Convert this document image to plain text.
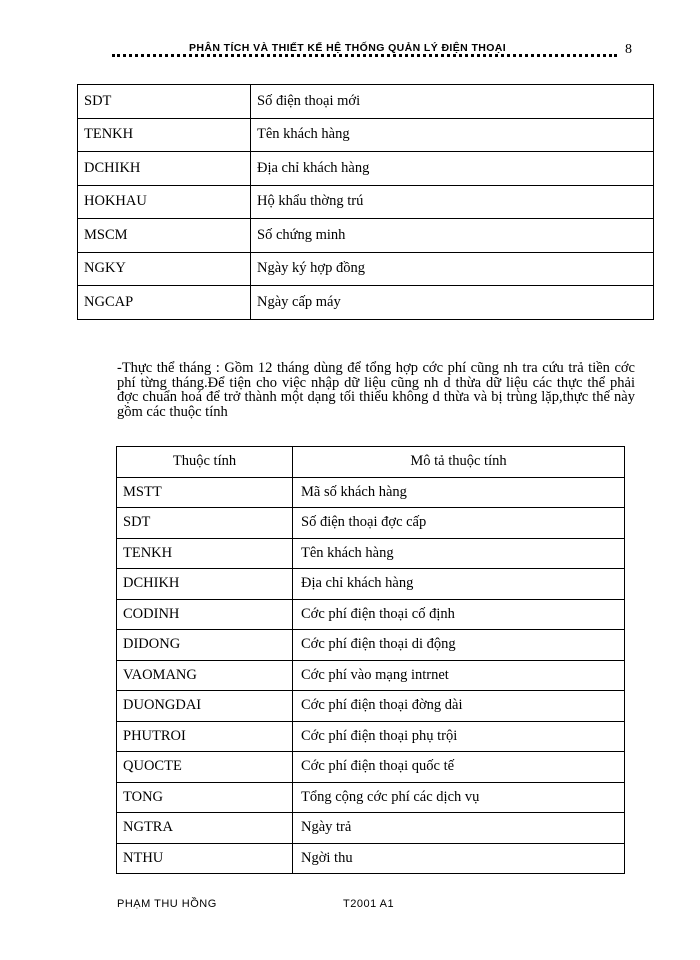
PHÂN TÍCH VÀ THIẾT KẾ HỆ THỐNG QUẢN LÝ ĐIỆN THOẠI	8
SDT	Số điện thoại mới
TENKH	Tên khách hàng
DCHIKH	Địa chỉ khách hàng
HOKHAU	Hộ khẩu thờng trú
MSCM	Số chứng minh
NGKY	Ngày ký hợp đồng
NGCAP	Ngày cấp máy
-Thực thể tháng : Gồm 12 tháng dùng để tổng hợp cớc phí cũng nh tra cứu trả tiền cớc phí từng tháng.Để tiện cho việc nhập dữ liệu cũng nh d thừa dữ liệu các thực thể phải đợc chuẩn hoá để trở thành một dạng tối thiểu không d thừa và bị trùng lặp,thực thể này gồm các thuộc tính
Thuộc tính	Mô tả thuộc tính
MSTT	Mã số khách hàng
SDT	Số điện thoại đợc cấp
TENKH	Tên khách hàng
DCHIKH	Địa chỉ khách hàng
CODINH	Cớc phí điện thoại cố định
DIDONG	Cớc phí điện thoại di động
VAOMANG	Cớc phí vào mạng intrnet
DUONGDAI	Cớc phí điện thoại đờng dài
PHUTROI	Cớc phí điện thoại phụ trội
QUOCTE	Cớc phí điện thoại quốc tế
TONG	Tổng cộng cớc phí các dịch vụ
NGTRA	Ngày trả
NTHU	Ngời thu
PHẠM THU HỒNG	T2001 A1
